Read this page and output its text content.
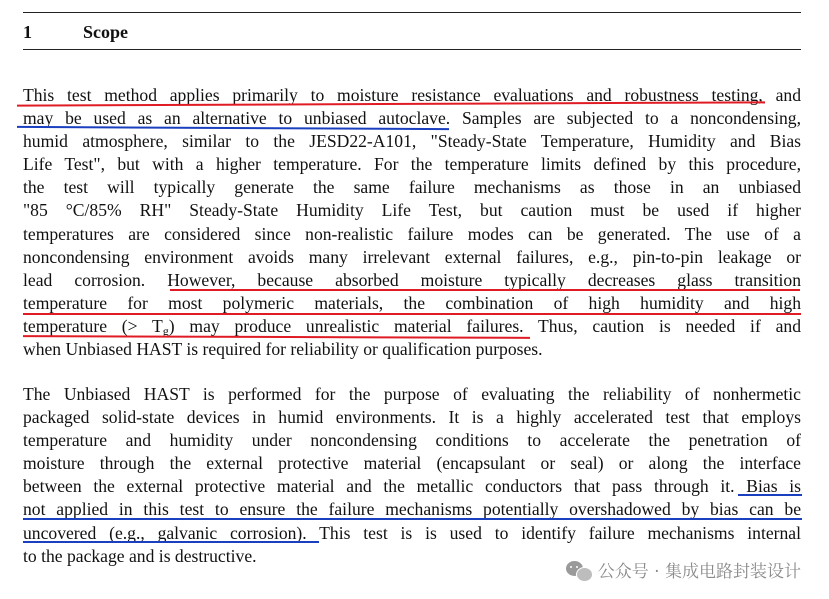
1	Scope
This test method applies primarily to moisture resistance evaluations and robustness testing, and
may be used as an alternative to unbiased autoclave. Samples are subjected to a noncondensing,
humid atmosphere, similar to the JESD22-A101, "Steady-State Temperature, Humidity and Bias
Life Test", but with a higher temperature. For the temperature limits defined by this procedure,
the test will typically generate the same failure mechanisms as those in an unbiased
"85 °C/85% RH" Steady-State Humidity Life Test, but caution must be used if higher
temperatures are considered since non-realistic failure modes can be generated. The use of a
noncondensing environment avoids many irrelevant external failures, e.g., pin-to-pin leakage or
lead corrosion. However, because absorbed moisture typically decreases glass transition
temperature for most polymeric materials, the combination of high humidity and high
temperature (> $T_g$) may produce unrealistic material failures. Thus, caution is needed if and
when Unbiased HAST is required for reliability or qualification purposes.
The Unbiased HAST is performed for the purpose of evaluating the reliability of nonhermetic
packaged solid-state devices in humid environments. It is a highly accelerated test that employs
temperature and humidity under noncondensing conditions to accelerate the penetration of
moisture through the external protective material (encapsulant or seal) or along the interface
between the external protective material and the metallic conductors that pass through it. Bias is
not applied in this test to ensure the failure mechanisms potentially overshadowed by bias can be
uncovered (e.g., galvanic corrosion). This test is is used to identify failure mechanisms internal
to the package and is destructive.
公众号 · 集成电路封装设计
